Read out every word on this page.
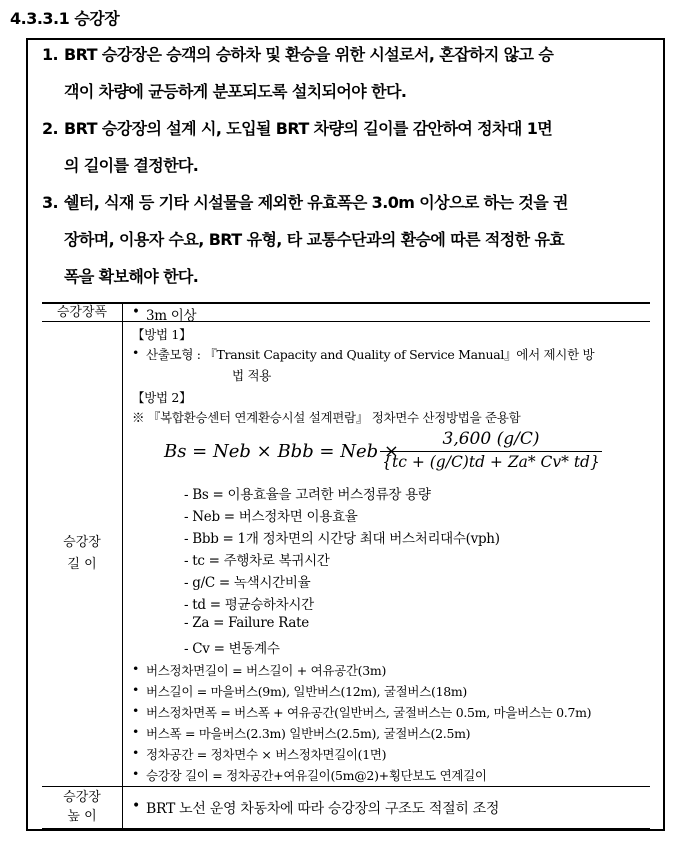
4.3.3.1 승강장
1. BRT 승강장은 승객의 승하차 및 환승을 위한 시설로서, 혼잡하지 않고 승
객이 차량에 균등하게 분포되도록 설치되어야 한다.
2. BRT 승강장의 설계 시, 도입될 BRT 차량의 길이를 감안하여 정차대 1면
의 길이를 결정한다.
3. 쉘터, 식재 등 기타 시설물을 제외한 유효폭은 3.0m 이상으로 하는 것을 권
장하며, 이용자 수요, BRT 유형, 타 교통수단과의 환승에 따른 적정한 유효
폭을 확보해야 한다.
승강장폭	• 3m 이상
승강장
길 이
【방법 1】
• 산출모형 : 『Transit Capacity and Quality of Service Manual』에서 제시한 방
법 적용
【방법 2】
※ 『복합환승센터 연계환승시설 설계편람』 정차면수 산정방법을 준용함
Bs = Neb × Bbb = Neb ×
3,600 (g/C)
{tc + (g/C)td + Za* Cv* td}
- Bs = 이용효율을 고려한 버스정류장 용량
- Neb = 버스정차면 이용효율
- Bbb = 1개 정차면의 시간당 최대 버스처리대수(vph)
- tc = 주행차로 복귀시간
- g/C = 녹색시간비율
- td = 평균승하차시간
- Za = Failure Rate
- Cv = 변동계수
• 버스정차면길이 = 버스길이 + 여유공간(3m)
• 버스길이 = 마을버스(9m), 일반버스(12m), 굴절버스(18m)
• 버스정차면폭 = 버스폭 + 여유공간(일반버스, 굴절버스는 0.5m, 마을버스는 0.7m)
• 버스폭 = 마을버스(2.3m) 일반버스(2.5m), 굴절버스(2.5m)
• 정차공간 = 정차면수 × 버스정차면길이(1면)
• 승강장 길이 = 정차공간+여유길이(5m@2)+횡단보도 연계길이
승강장
높 이	• BRT 노선 운영 차동차에 따라 승강장의 구조도 적절히 조정
